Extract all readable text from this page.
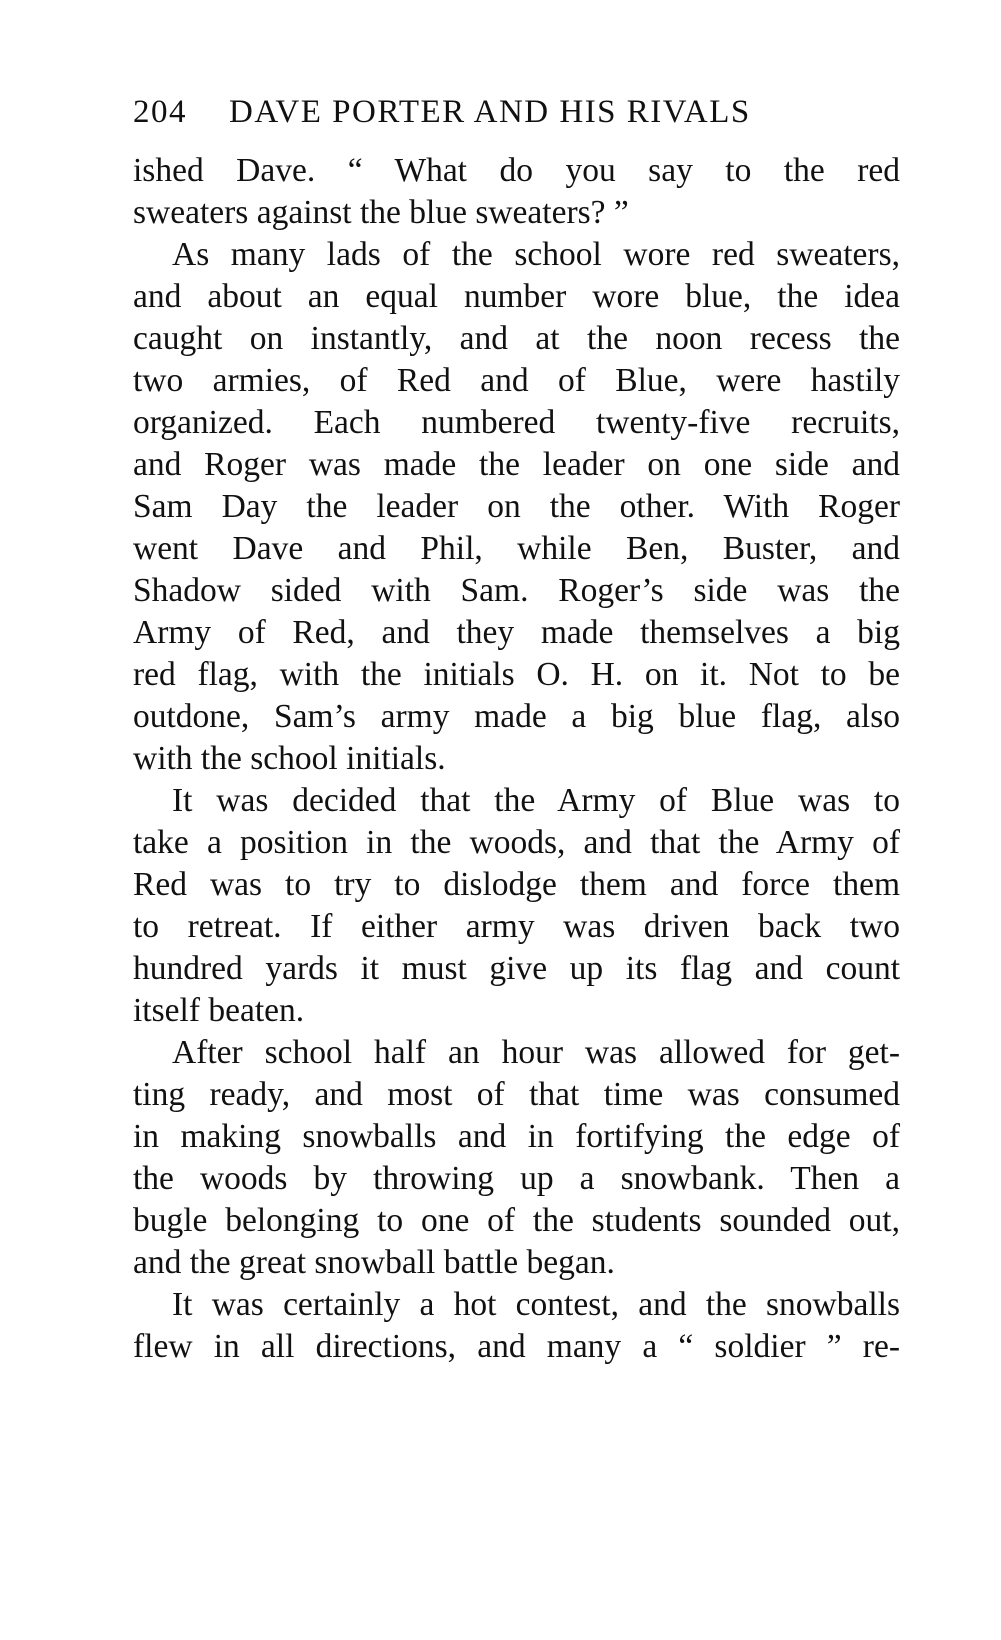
204 DAVE PORTER AND HIS RIVALS
ished Dave. “ What do you say to the red
sweaters against the blue sweaters? ”
As many lads of the school wore red sweaters,
and about an equal number wore blue, the idea
caught on instantly, and at the noon recess the
two armies, of Red and of Blue, were hastily
organized. Each numbered twenty-five recruits,
and Roger was made the leader on one side and
Sam Day the leader on the other. With Roger
went Dave and Phil, while Ben, Buster, and
Shadow sided with Sam. Roger’s side was the
Army of Red, and they made themselves a big
red flag, with the initials O. H. on it. Not to be
outdone, Sam’s army made a big blue flag, also
with the school initials.
It was decided that the Army of Blue was to
take a position in the woods, and that the Army of
Red was to try to dislodge them and force them
to retreat. If either army was driven back two
hundred yards it must give up its flag and count
itself beaten.
After school half an hour was allowed for get-
ting ready, and most of that time was consumed
in making snowballs and in fortifying the edge of
the woods by throwing up a snowbank. Then a
bugle belonging to one of the students sounded out,
and the great snowball battle began.
It was certainly a hot contest, and the snowballs
flew in all directions, and many a “ soldier ” re-
